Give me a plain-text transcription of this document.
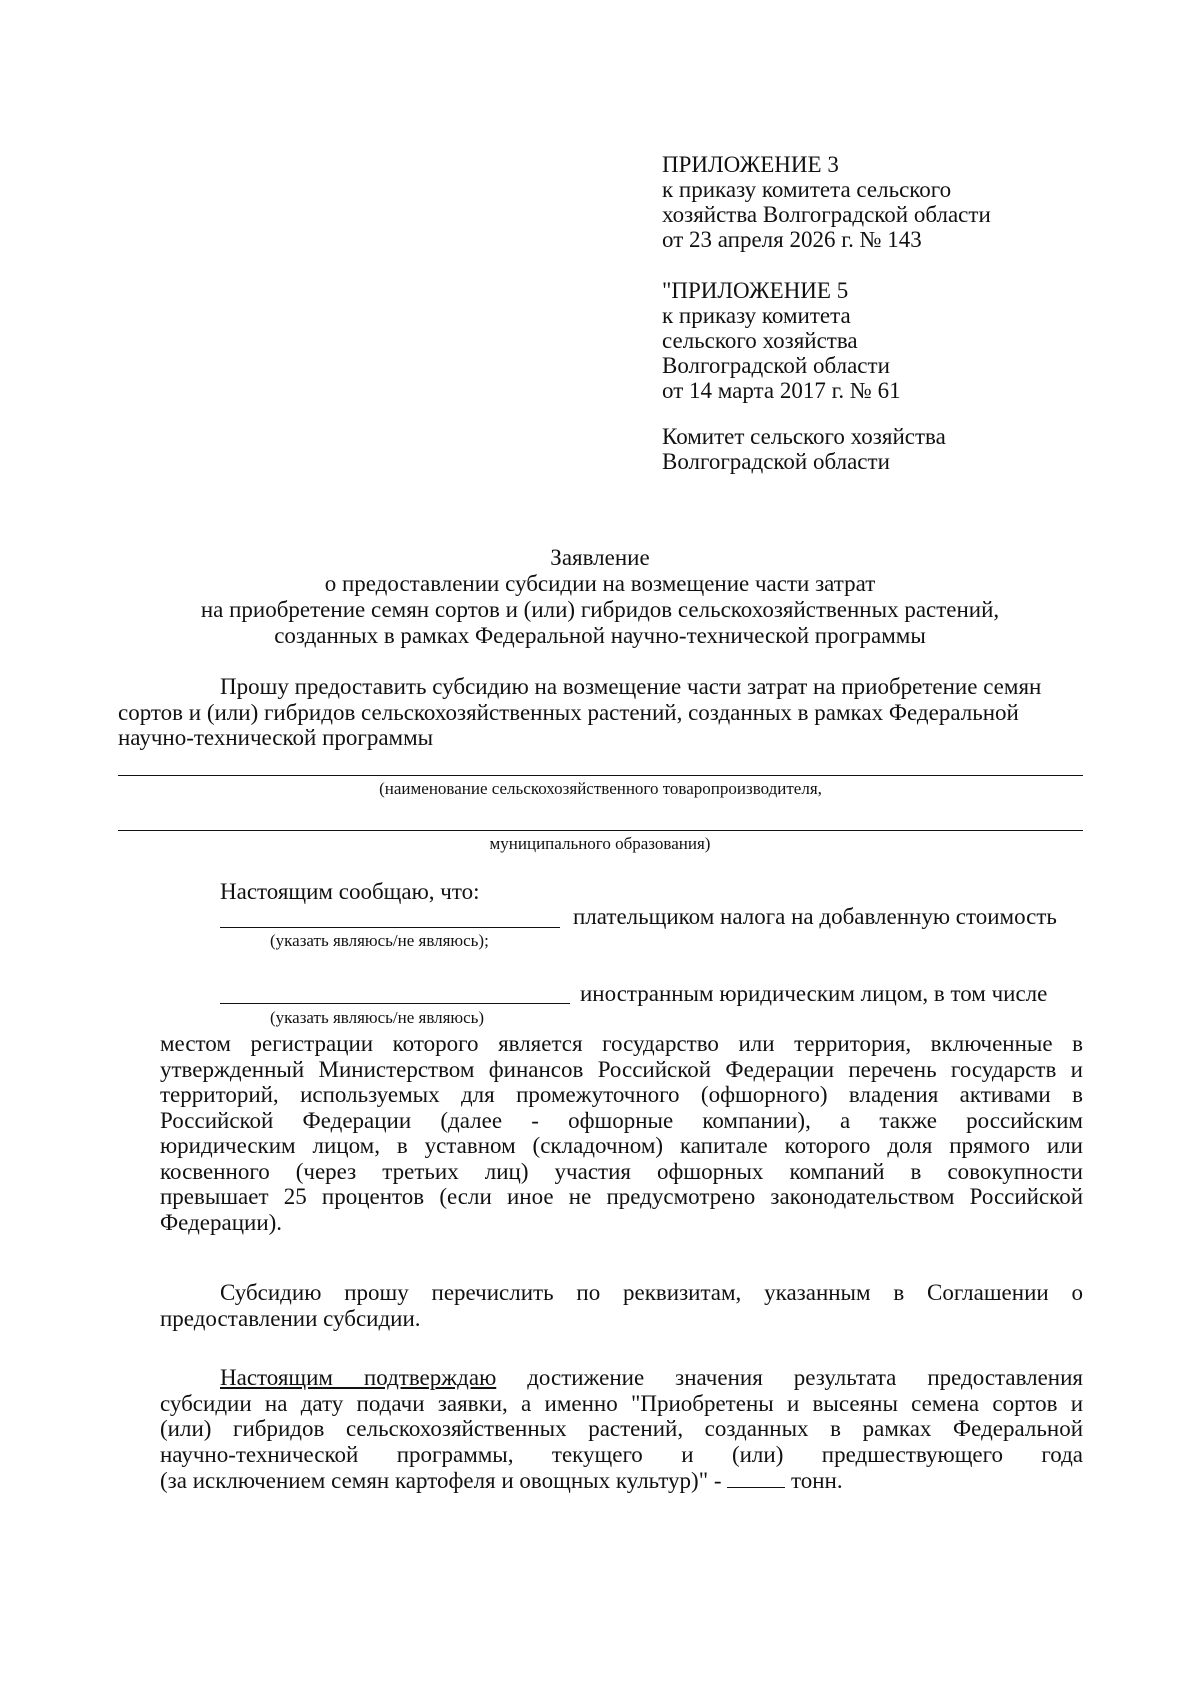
ПРИЛОЖЕНИЕ 3
к приказу комитета сельского
хозяйства Волгоградской области
от 23 апреля 2026 г. № 143
"ПРИЛОЖЕНИЕ 5
к приказу комитета
сельского хозяйства
Волгоградской области
от 14 марта 2017 г. № 61
Комитет сельского хозяйства
Волгоградской области
Заявление
о предоставлении субсидии на возмещение части затрат
на приобретение семян сортов и (или) гибридов сельскохозяйственных растений,
созданных в рамках Федеральной научно-технической программы
Прошу предоставить субсидию на возмещение части затрат на приобретение семян
сортов и (или) гибридов сельскохозяйственных растений, созданных в рамках Федеральной
научно-технической программы
(наименование сельскохозяйственного товаропроизводителя,
муниципального образования)
Настоящим сообщаю, что:
плательщиком налога на добавленную стоимость
(указать являюсь/не являюсь);
иностранным юридическим лицом, в том числе
(указать являюсь/не являюсь)
местом регистрации которого является государство или территория, включенные в
утвержденный Министерством финансов Российской Федерации перечень государств и
территорий, используемых для промежуточного (офшорного) владения активами в
Российской Федерации (далее - офшорные компании), а также российским
юридическим лицом, в уставном (складочном) капитале которого доля прямого или
косвенного (через третьих лиц) участия офшорных компаний в совокупности
превышает 25 процентов (если иное не предусмотрено законодательством Российской
Федерации).
Субсидию прошу перечислить по реквизитам, указанным в Соглашении о
предоставлении субсидии.
Настоящим подтверждаю достижение значения результата предоставления
субсидии на дату подачи заявки, а именно "Приобретены и высеяны семена сортов и
(или) гибридов сельскохозяйственных растений, созданных в рамках Федеральной
научно-технической программы, текущего и (или) предшествующего года
(за исключением семян картофеля и овощных культур)" -	тонн.
